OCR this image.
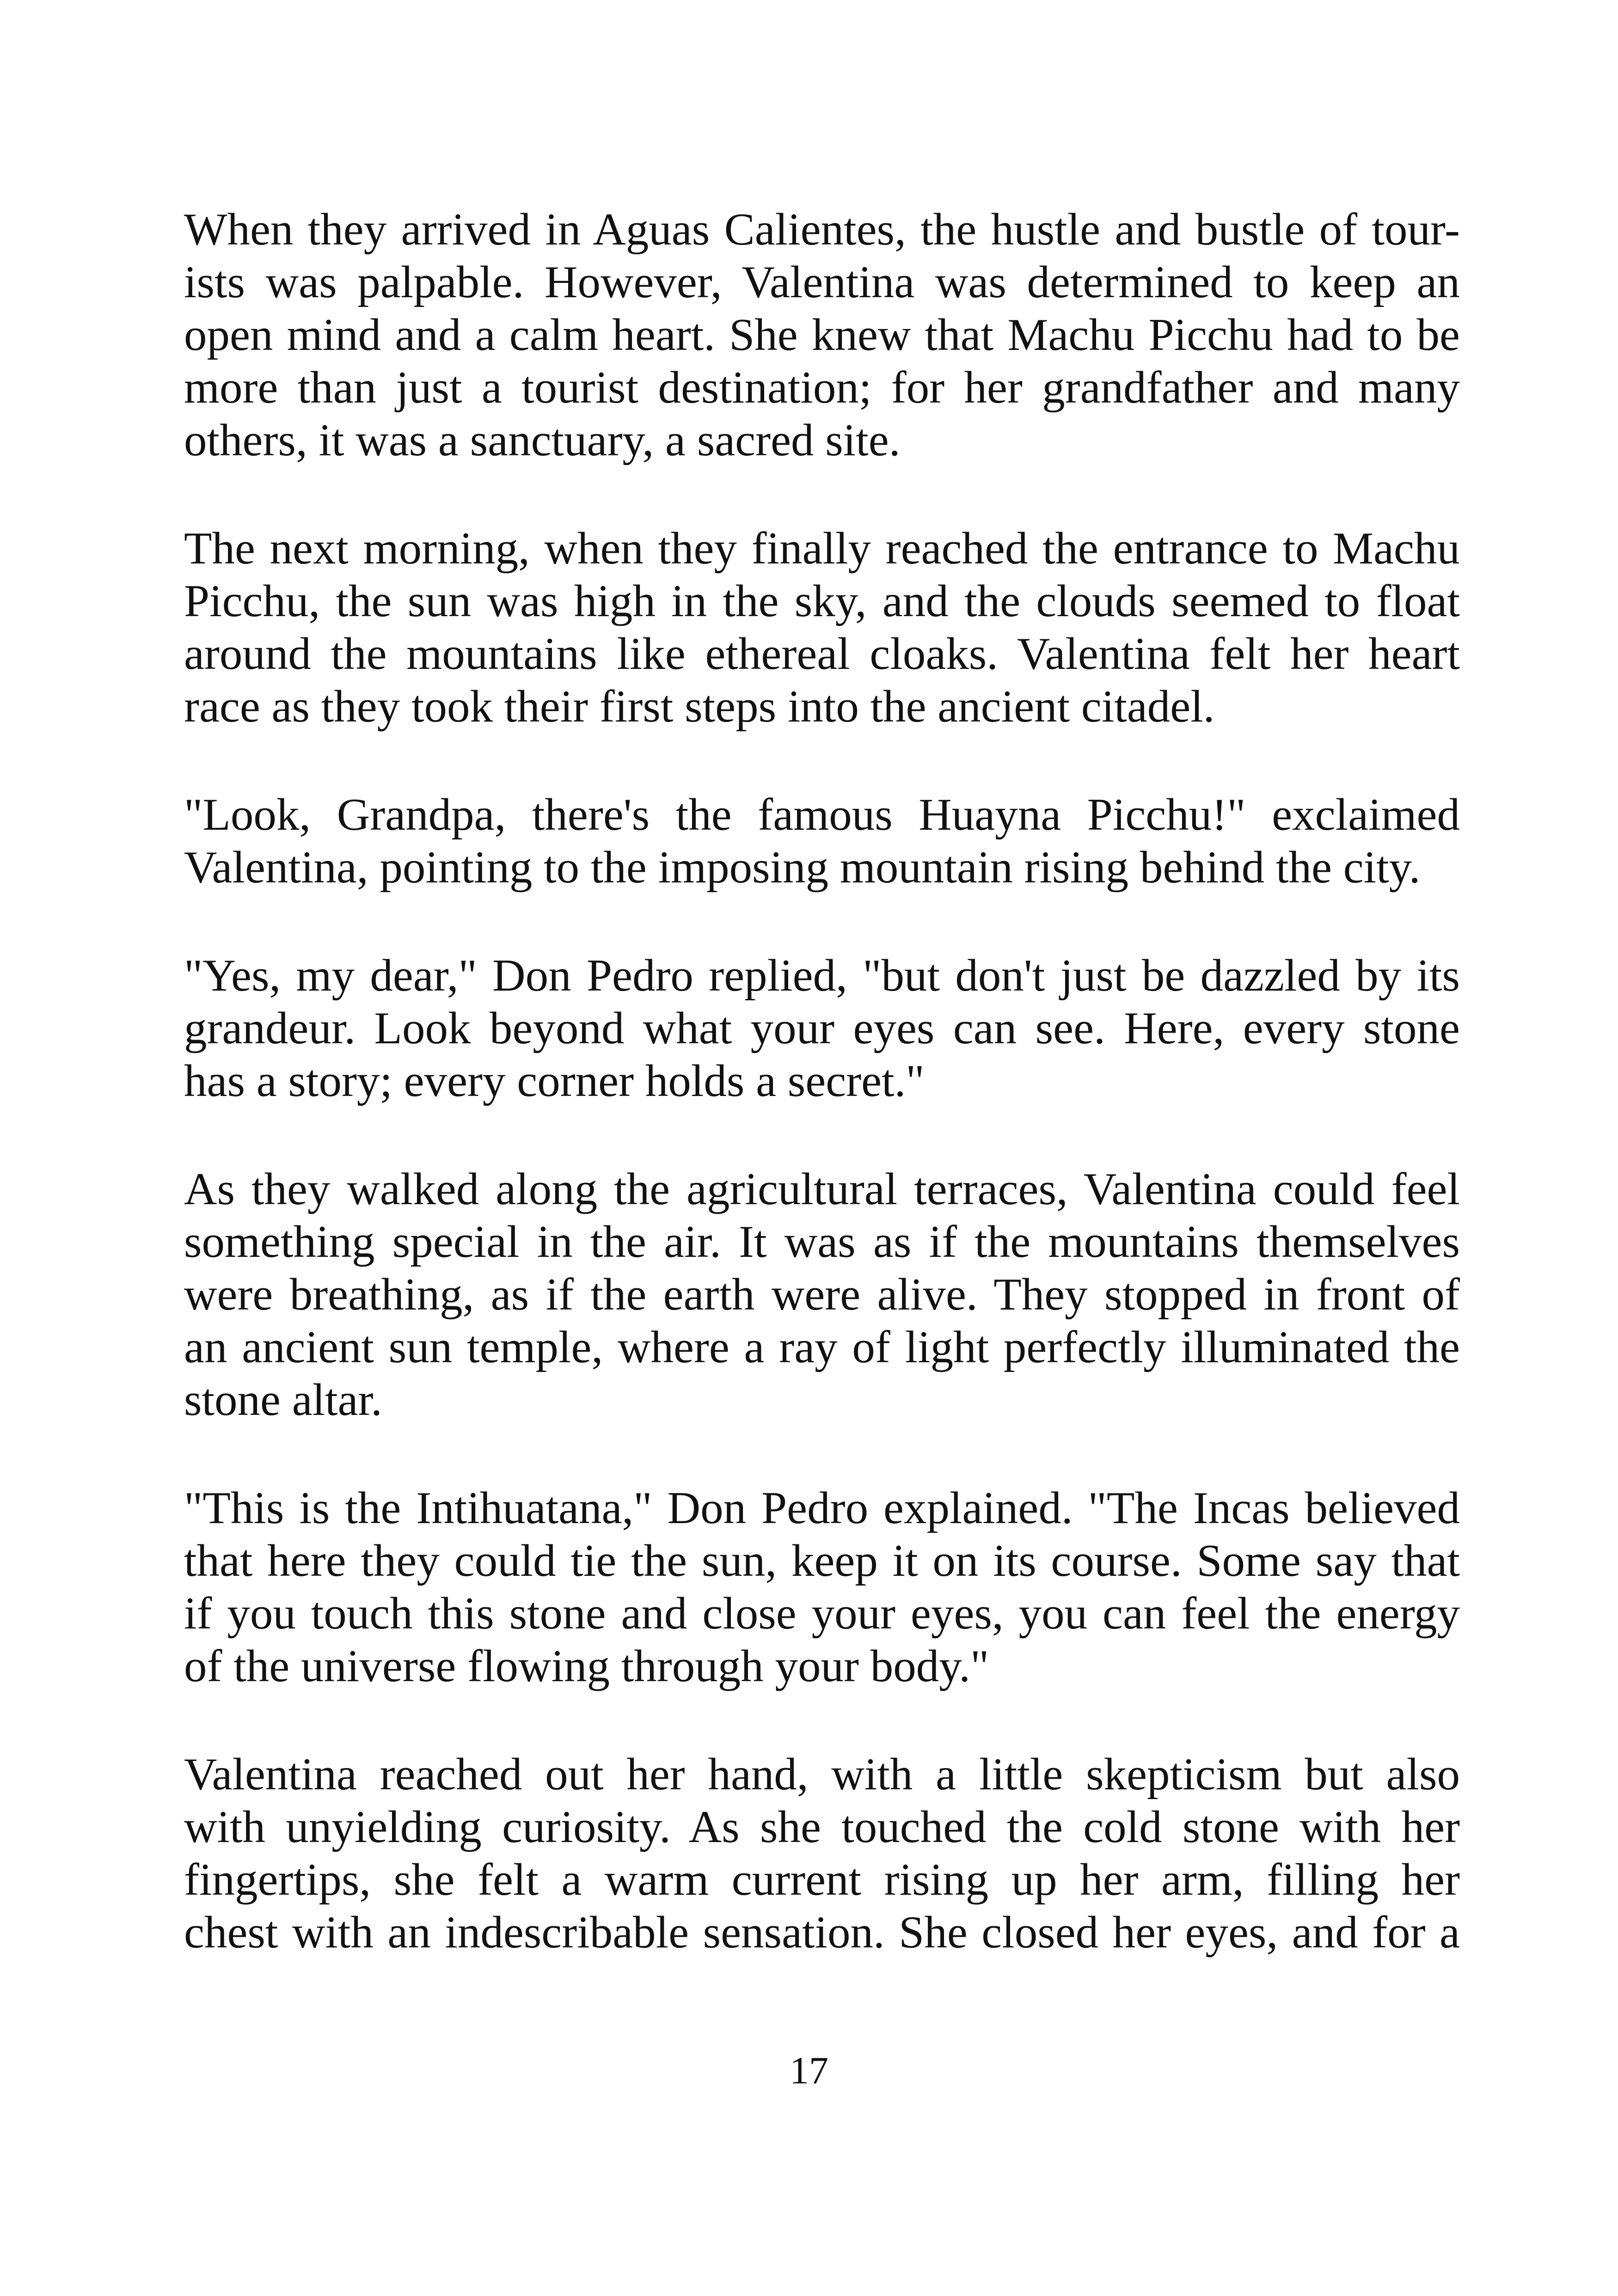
When they arrived in Aguas Calientes, the hustle and bustle of tour-
ists was palpable. However, Valentina was determined to keep an
open mind and a calm heart. She knew that Machu Picchu had to be
more than just a tourist destination; for her grandfather and many
others, it was a sanctuary, a sacred site.
The next morning, when they finally reached the entrance to Machu
Picchu, the sun was high in the sky, and the clouds seemed to float
around the mountains like ethereal cloaks. Valentina felt her heart
race as they took their first steps into the ancient citadel.
"Look, Grandpa, there's the famous Huayna Picchu!" exclaimed
Valentina, pointing to the imposing mountain rising behind the city.
"Yes, my dear," Don Pedro replied, "but don't just be dazzled by its
grandeur. Look beyond what your eyes can see. Here, every stone
has a story; every corner holds a secret."
As they walked along the agricultural terraces, Valentina could feel
something special in the air. It was as if the mountains themselves
were breathing, as if the earth were alive. They stopped in front of
an ancient sun temple, where a ray of light perfectly illuminated the
stone altar.
"This is the Intihuatana," Don Pedro explained. "The Incas believed
that here they could tie the sun, keep it on its course. Some say that
if you touch this stone and close your eyes, you can feel the energy
of the universe flowing through your body."
Valentina reached out her hand, with a little skepticism but also
with unyielding curiosity. As she touched the cold stone with her
fingertips, she felt a warm current rising up her arm, filling her
chest with an indescribable sensation. She closed her eyes, and for a
17
